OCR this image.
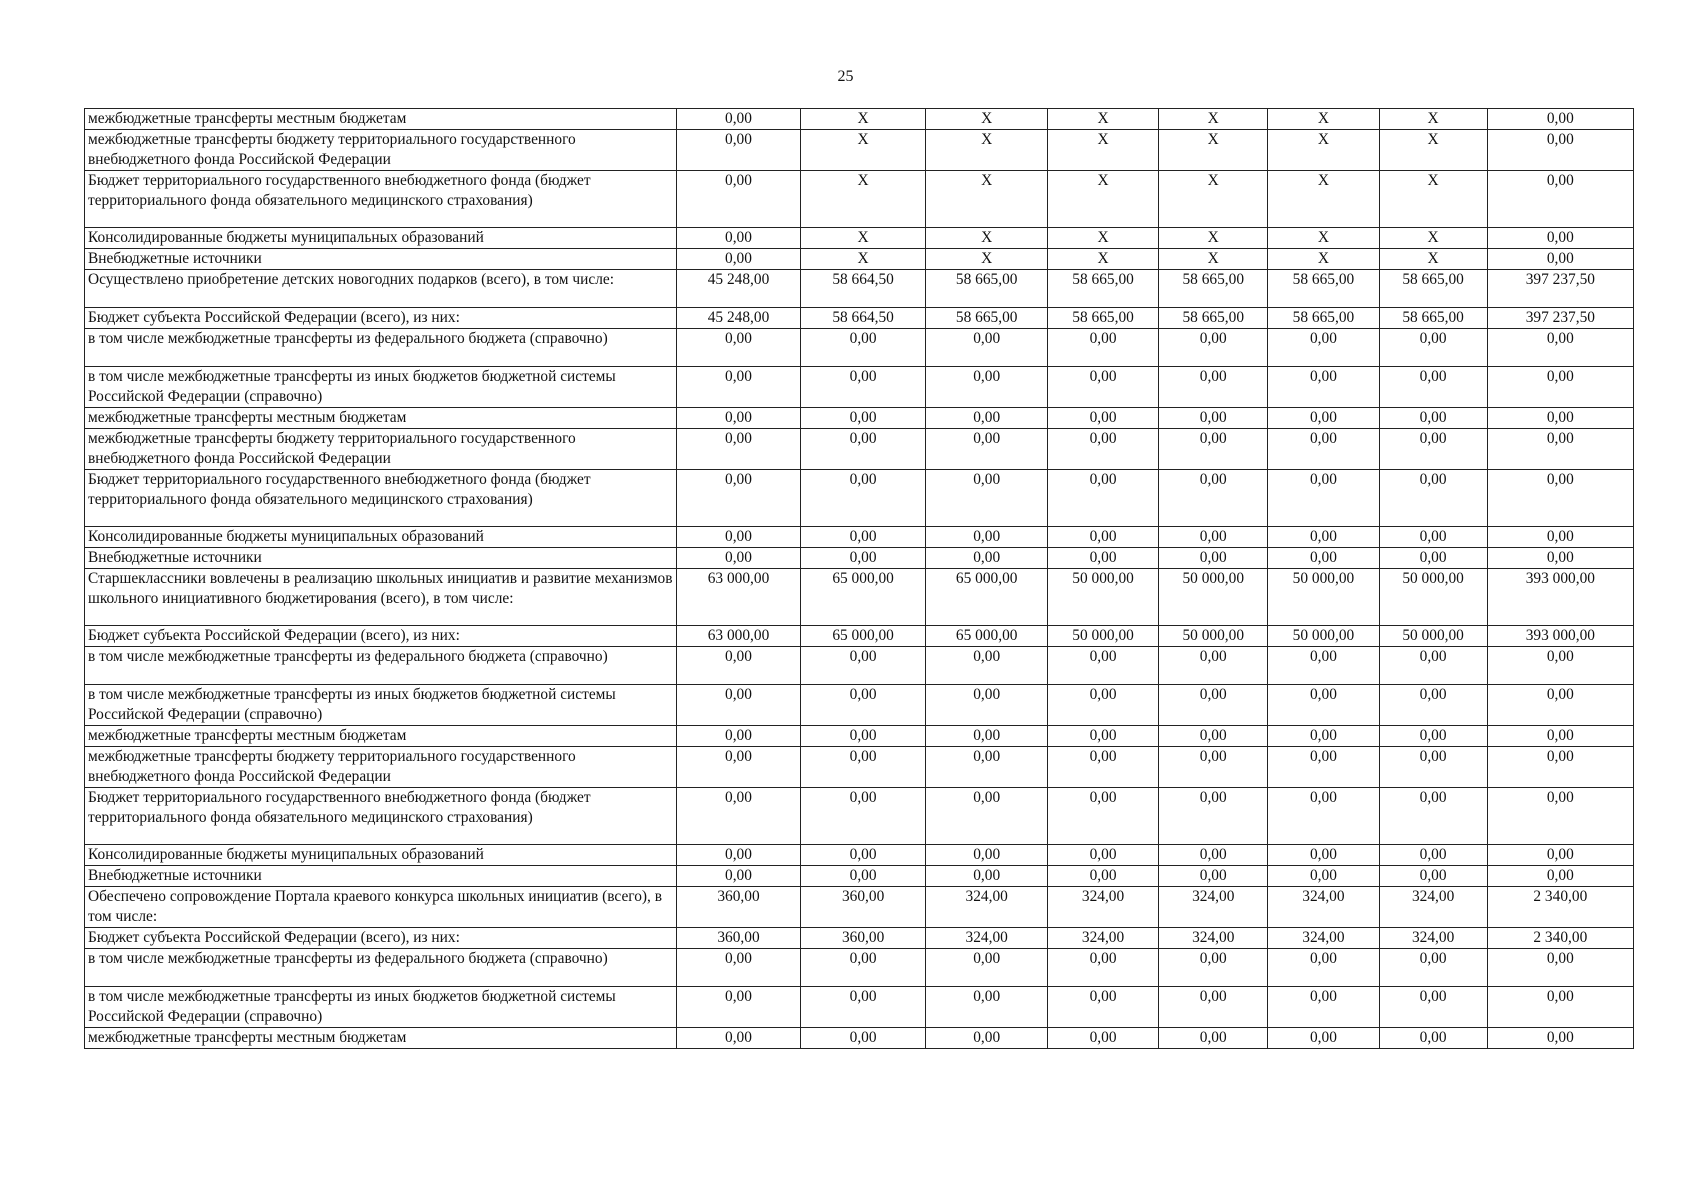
25
межбюджетные трансферты местным бюджетам	0,00	Х	Х	Х	Х	Х	Х	0,00
межбюджетные трансферты бюджету территориального государственного внебюджетного фонда Российской Федерации	0,00	Х	Х	Х	Х	Х	Х	0,00
Бюджет территориального государственного внебюджетного фонда (бюджет территориального фонда обязательного медицинского страхования)	0,00	Х	Х	Х	Х	Х	Х	0,00
Консолидированные бюджеты муниципальных образований	0,00	Х	Х	Х	Х	Х	Х	0,00
Внебюджетные источники	0,00	Х	Х	Х	Х	Х	Х	0,00
Осуществлено приобретение детских новогодних подарков (всего), в том числе:	45 248,00	58 664,50	58 665,00	58 665,00	58 665,00	58 665,00	58 665,00	397 237,50
Бюджет субъекта Российской Федерации (всего), из них:	45 248,00	58 664,50	58 665,00	58 665,00	58 665,00	58 665,00	58 665,00	397 237,50
в том числе межбюджетные трансферты из федерального бюджета (справочно)	0,00	0,00	0,00	0,00	0,00	0,00	0,00	0,00
в том числе межбюджетные трансферты из иных бюджетов бюджетной системы Российской Федерации (справочно)	0,00	0,00	0,00	0,00	0,00	0,00	0,00	0,00
межбюджетные трансферты местным бюджетам	0,00	0,00	0,00	0,00	0,00	0,00	0,00	0,00
межбюджетные трансферты бюджету территориального государственного внебюджетного фонда Российской Федерации	0,00	0,00	0,00	0,00	0,00	0,00	0,00	0,00
Бюджет территориального государственного внебюджетного фонда (бюджет территориального фонда обязательного медицинского страхования)	0,00	0,00	0,00	0,00	0,00	0,00	0,00	0,00
Консолидированные бюджеты муниципальных образований	0,00	0,00	0,00	0,00	0,00	0,00	0,00	0,00
Внебюджетные источники	0,00	0,00	0,00	0,00	0,00	0,00	0,00	0,00
Старшеклассники вовлечены в реализацию школьных инициатив и развитие механизмов школьного инициативного бюджетирования (всего), в том числе:	63 000,00	65 000,00	65 000,00	50 000,00	50 000,00	50 000,00	50 000,00	393 000,00
Бюджет субъекта Российской Федерации (всего), из них:	63 000,00	65 000,00	65 000,00	50 000,00	50 000,00	50 000,00	50 000,00	393 000,00
в том числе межбюджетные трансферты из федерального бюджета (справочно)	0,00	0,00	0,00	0,00	0,00	0,00	0,00	0,00
в том числе межбюджетные трансферты из иных бюджетов бюджетной системы Российской Федерации (справочно)	0,00	0,00	0,00	0,00	0,00	0,00	0,00	0,00
межбюджетные трансферты местным бюджетам	0,00	0,00	0,00	0,00	0,00	0,00	0,00	0,00
межбюджетные трансферты бюджету территориального государственного внебюджетного фонда Российской Федерации	0,00	0,00	0,00	0,00	0,00	0,00	0,00	0,00
Бюджет территориального государственного внебюджетного фонда (бюджет территориального фонда обязательного медицинского страхования)	0,00	0,00	0,00	0,00	0,00	0,00	0,00	0,00
Консолидированные бюджеты муниципальных образований	0,00	0,00	0,00	0,00	0,00	0,00	0,00	0,00
Внебюджетные источники	0,00	0,00	0,00	0,00	0,00	0,00	0,00	0,00
Обеспечено сопровождение Портала краевого конкурса школьных инициатив (всего), в том числе:	360,00	360,00	324,00	324,00	324,00	324,00	324,00	2 340,00
Бюджет субъекта Российской Федерации (всего), из них:	360,00	360,00	324,00	324,00	324,00	324,00	324,00	2 340,00
в том числе межбюджетные трансферты из федерального бюджета (справочно)	0,00	0,00	0,00	0,00	0,00	0,00	0,00	0,00
в том числе межбюджетные трансферты из иных бюджетов бюджетной системы Российской Федерации (справочно)	0,00	0,00	0,00	0,00	0,00	0,00	0,00	0,00
межбюджетные трансферты местным бюджетам	0,00	0,00	0,00	0,00	0,00	0,00	0,00	0,00
